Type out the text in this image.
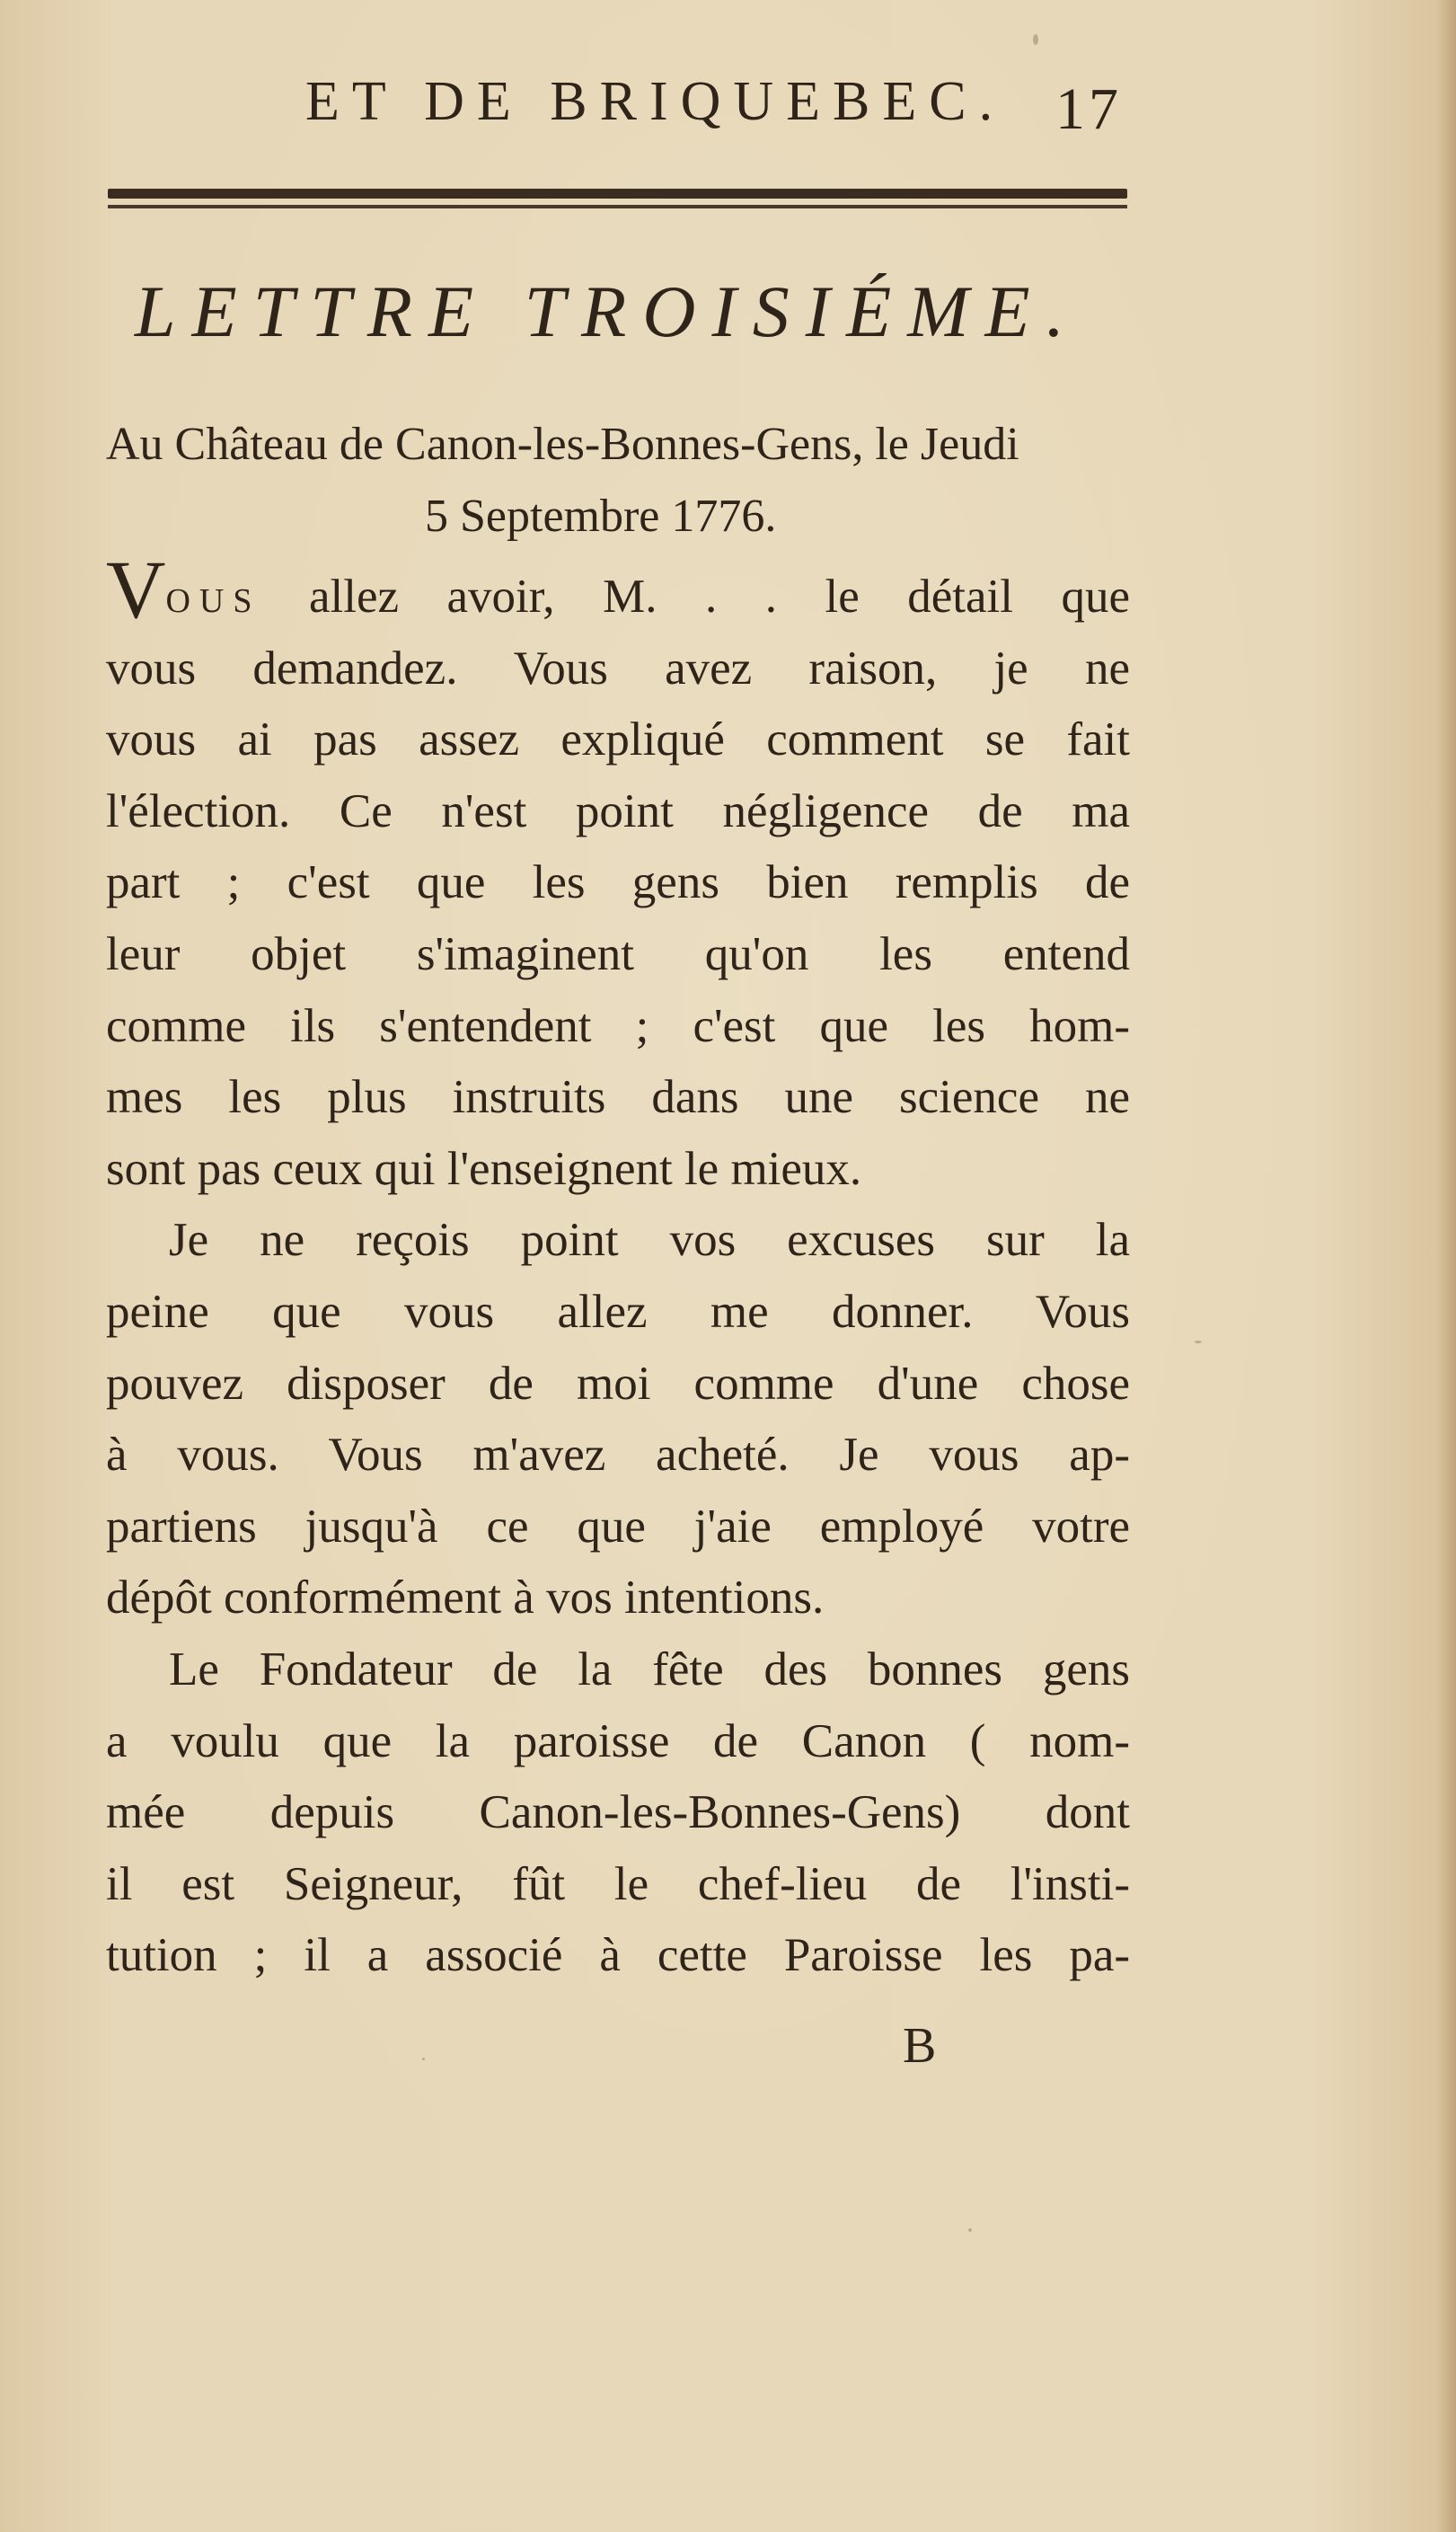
ET DE BRIQUEBEC. 17
LETTRE TROISIÉME.
Au Château de Canon-les-Bonnes-Gens, le Jeudi
5 Septembre 1776.
VOUS allez avoir, M. . . le détail que
vous demandez. Vous avez raison, je ne
vous ai pas assez expliqué comment se fait
l'élection. Ce n'est point négligence de ma
part ; c'est que les gens bien remplis de
leur objet s'imaginent qu'on les entend
comme ils s'entendent ; c'est que les hom-
mes les plus instruits dans une science ne
sont pas ceux qui l'enseignent le mieux.
Je ne reçois point vos excuses sur la
peine que vous allez me donner. Vous
pouvez disposer de moi comme d'une chose
à vous. Vous m'avez acheté. Je vous ap-
partiens jusqu'à ce que j'aie employé votre
dépôt conformément à vos intentions.
Le Fondateur de la fête des bonnes gens
a voulu que la paroisse de Canon ( nom-
mée depuis Canon-les-Bonnes-Gens) dont
il est Seigneur, fût le chef-lieu de l'insti-
tution ; il a associé à cette Paroisse les pa-
B
